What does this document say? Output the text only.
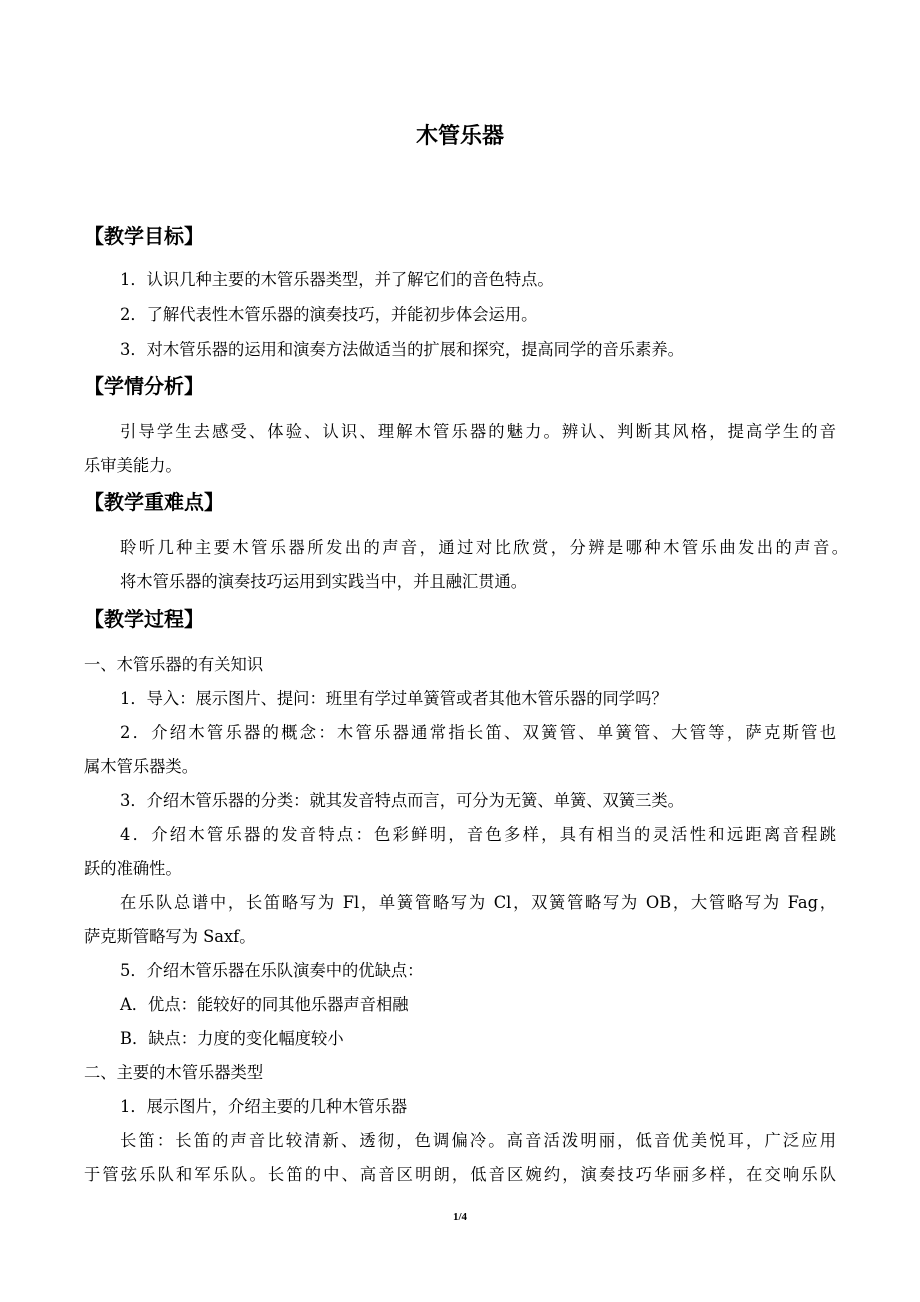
木管乐器
【教学目标】

1．认识几种主要的木管乐器类型，并了解它们的音色特点。

2．了解代表性木管乐器的演奏技巧，并能初步体会运用。

3．对木管乐器的运用和演奏方法做适当的扩展和探究，提高同学的音乐素养。

【学情分析】

引导学生去感受、体验、认识、理解木管乐器的魅力。辨认、判断其风格，提高学生的音

乐审美能力。

【教学重难点】

聆听几种主要木管乐器所发出的声音，通过对比欣赏，分辨是哪种木管乐曲发出的声音。

将木管乐器的演奏技巧运用到实践当中，并且融汇贯通。

【教学过程】

一、木管乐器的有关知识

1．导入：展示图片、提问：班里有学过单簧管或者其他木管乐器的同学吗？

2．介绍木管乐器的概念：木管乐器通常指长笛、双簧管、单簧管、大管等，萨克斯管也

属木管乐器类。

3．介绍木管乐器的分类：就其发音特点而言，可分为无簧、单簧、双簧三类。

4．介绍木管乐器的发音特点：色彩鲜明，音色多样，具有相当的灵活性和远距离音程跳

跃的准确性。

在乐队总谱中，长笛略写为 Fl，单簧管略写为 Cl，双簧管略写为 OB，大管略写为 Fag，

萨克斯管略写为 Saxf。

5．介绍木管乐器在乐队演奏中的优缺点：

A．优点：能较好的同其他乐器声音相融

B．缺点：力度的变化幅度较小

二、主要的木管乐器类型

1．展示图片，介绍主要的几种木管乐器

长笛：长笛的声音比较清新、透彻，色调偏冷。高音活泼明丽，低音优美悦耳，广泛应用

于管弦乐队和军乐队。长笛的中、高音区明朗，低音区婉约，演奏技巧华丽多样，在交响乐队

1/4
